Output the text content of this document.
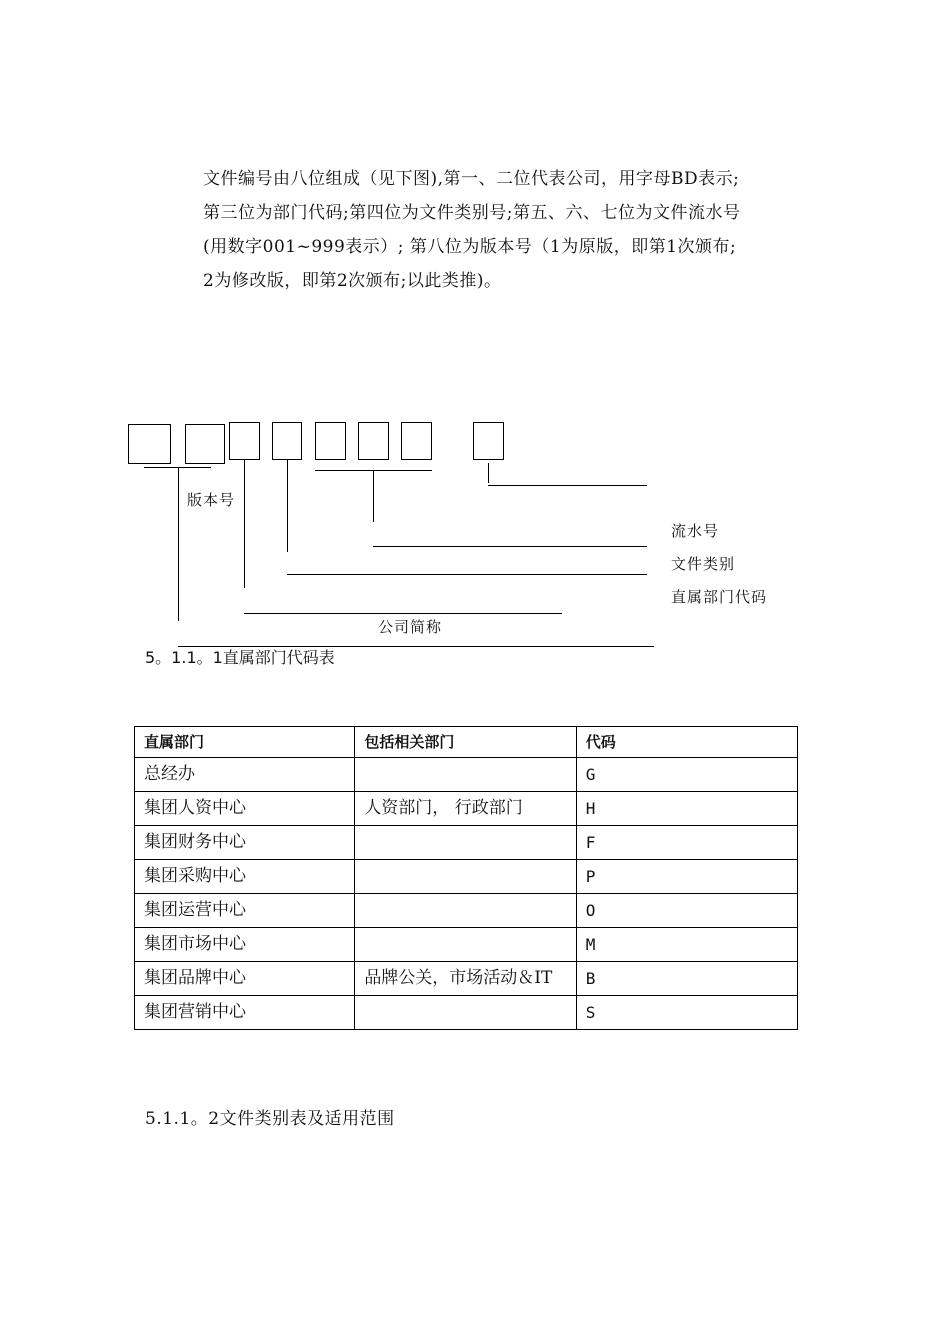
文件编号由八位组成（见下图),第一、二位代表公司，用字母BD表示;
第三位为部门代码;第四位为文件类别号;第五、六、七位为文件流水号
(用数字001~999表示）; 第八位为版本号（1为原版，即第1次颁布;
2为修改版，即第2次颁布;以此类推)。
版本号
流水号
文件类别
直属部门代码
公司简称
5。1.1。1直属部门代码表
直属部门	包括相关部门	代码
总经办		G
集团人资中心	人资部门， 行政部门	H
集团财务中心		F
集团采购中心		P
集团运营中心		O
集团市场中心		M
集团品牌中心	品牌公关，市场活动＆IT	B
集团营销中心		S
5.1.1。2文件类别表及适用范围
